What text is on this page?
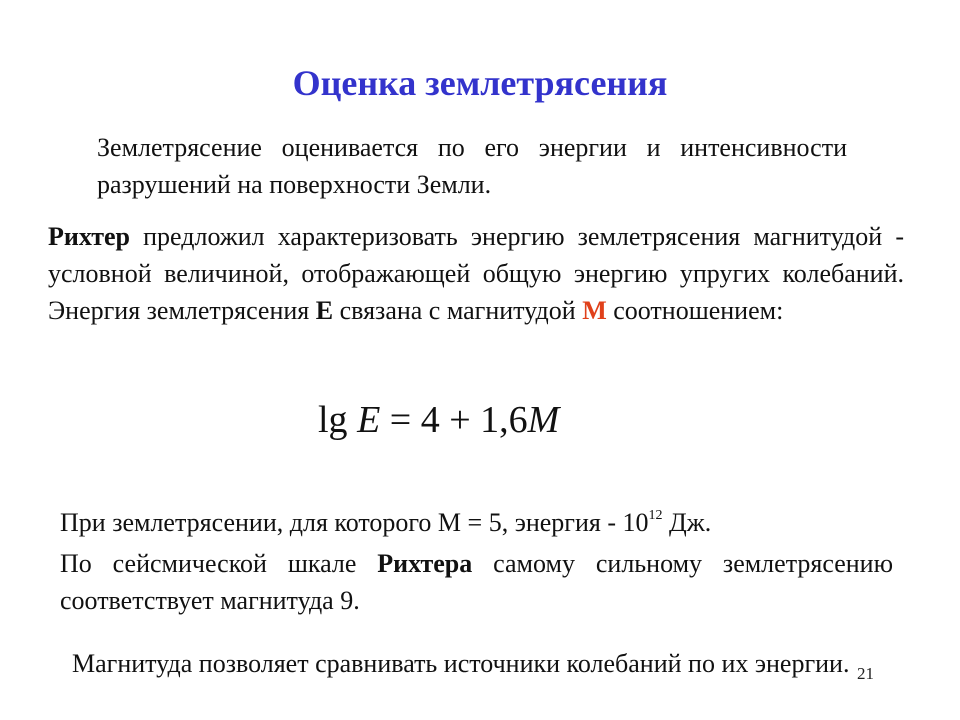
Оценка землетрясения
Землетрясение оценивается по его энергии и интенсивности разрушений на поверхности Земли.
Рихтер предложил характеризовать энергию землетрясения магнитудой - условной величиной, отображающей общую энергию упругих колебаний. Энергия землетрясения E связана с магнитудой M соотношением:
lg E = 4 + 1,6M
При землетрясении, для которого М = 5, энергия - $10^{12}$ Дж.
По сейсмической шкале Рихтера самому сильному землетрясению соответствует магнитуда 9.
Магнитуда позволяет сравнивать источники колебаний по их энергии. 21
